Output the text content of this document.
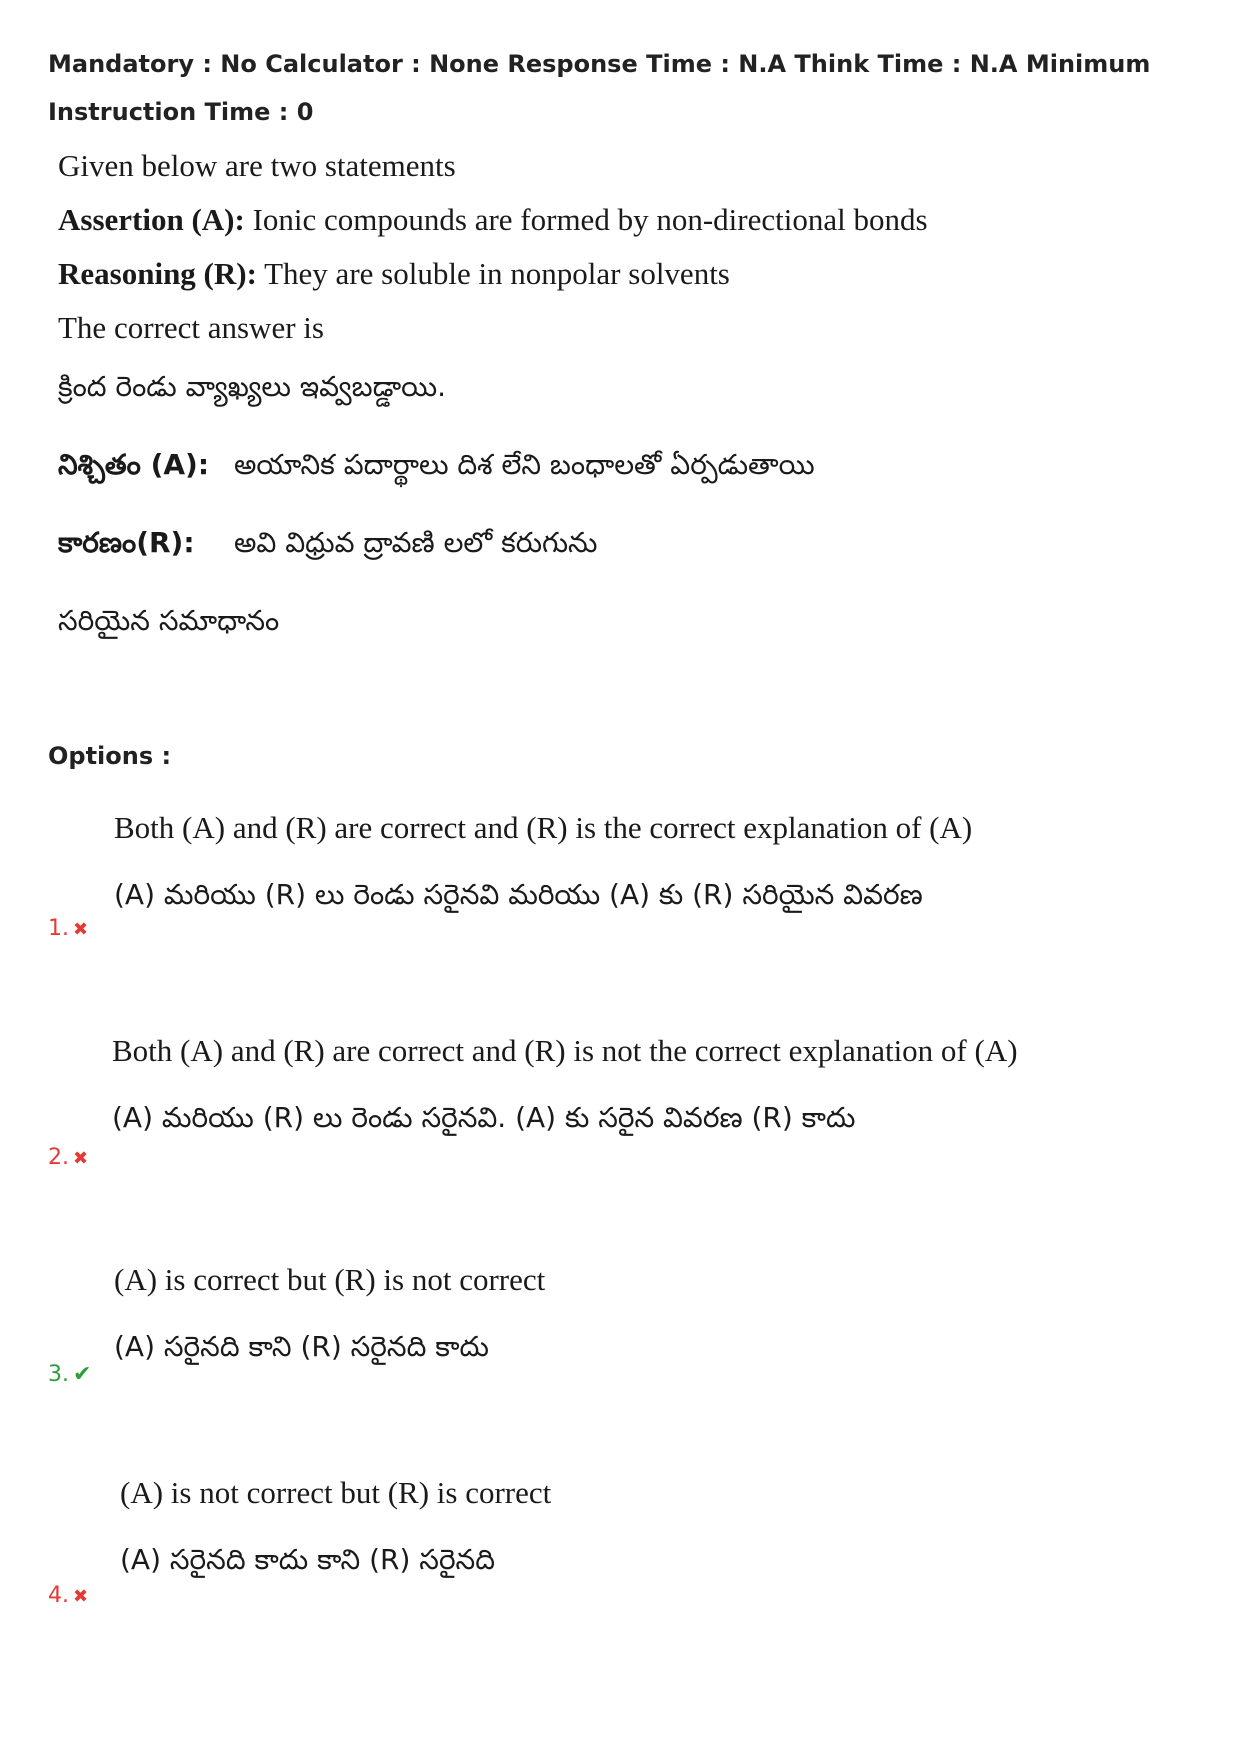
Mandatory : No Calculator : None Response Time : N.A Think Time : N.A Minimum Instruction Time : 0
Given below are two statements
Assertion (A): Ionic compounds are formed by non-directional bonds
Reasoning (R): They are soluble in nonpolar solvents
The correct answer is
క్రింద రెండు వ్యాఖ్యలు ఇవ్వబడ్డాయి.
నిశ్చితం (A): అయానిక పదార్థాలు దిశ లేని బంధాలతో ఏర్పడుతాయి
కారణం(R): అవి విధ్రువ ద్రావణి లలో కరుగును
సరియైన సమాధానం
Options :
Both (A) and (R) are correct and (R) is the correct explanation of (A)
(A) మరియు (R) లు రెండు సరైనవి మరియు (A) కు (R) సరియైన వివరణ
1. ✖
Both (A) and (R) are correct and (R) is not the correct explanation of (A)
(A) మరియు (R) లు రెండు సరైనవి. (A) కు సరైన వివరణ (R) కాదు
2. ✖
(A) is correct but (R) is not correct
(A) సరైనది కాని (R) సరైనది కాదు
3. ✔
(A) is not correct but (R) is correct
(A) సరైనది కాదు కాని (R) సరైనది
4. ✖
